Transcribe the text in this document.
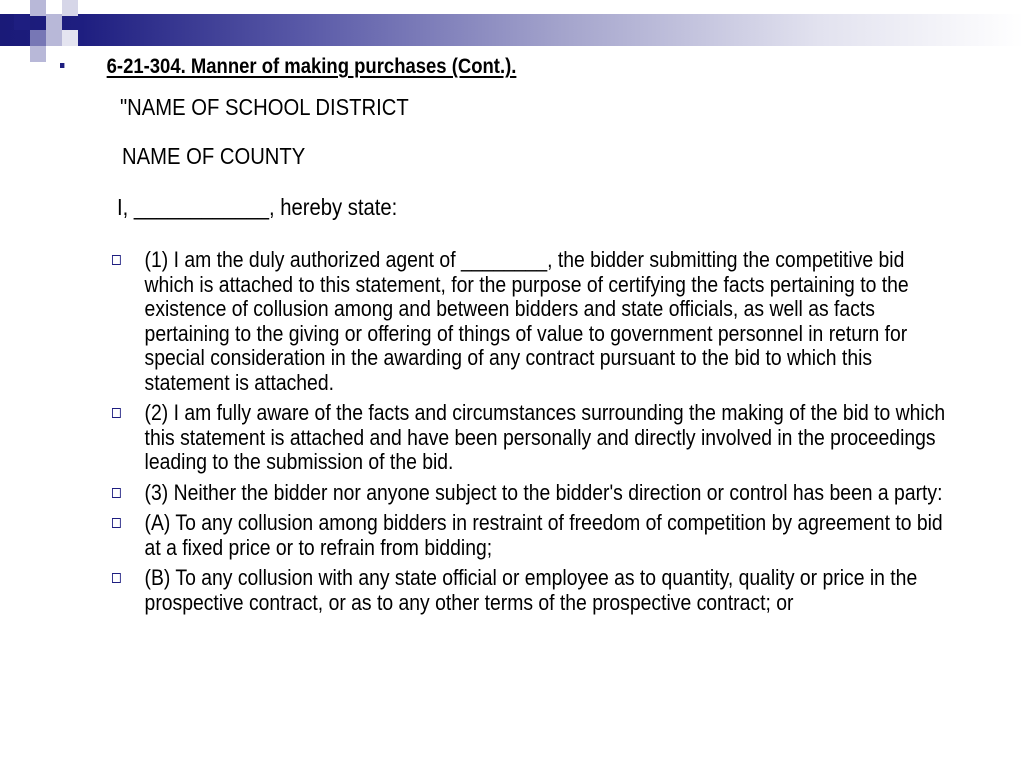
6-21-304. Manner of making purchases (Cont.).
"NAME OF SCHOOL DISTRICT
NAME OF COUNTY
I, ____________, hereby state:
(1) I am the duly authorized agent of ________, the bidder submitting the competitive bid which is attached to this statement, for the purpose of certifying the facts pertaining to the existence of collusion among and between bidders and state officials, as well as facts pertaining to the giving or offering of things of value to government personnel in return for special consideration in the awarding of any contract pursuant to the bid to which this statement is attached.
(2) I am fully aware of the facts and circumstances surrounding the making of the bid to which this statement is attached and have been personally and directly involved in the proceedings leading to the submission of the bid.
(3) Neither the bidder nor anyone subject to the bidder's direction or control has been a party:
(A) To any collusion among bidders in restraint of freedom of competition by agreement to bid at a fixed price or to refrain from bidding;
(B) To any collusion with any state official or employee as to quantity, quality or price in the prospective contract, or as to any other terms of the prospective contract; or
